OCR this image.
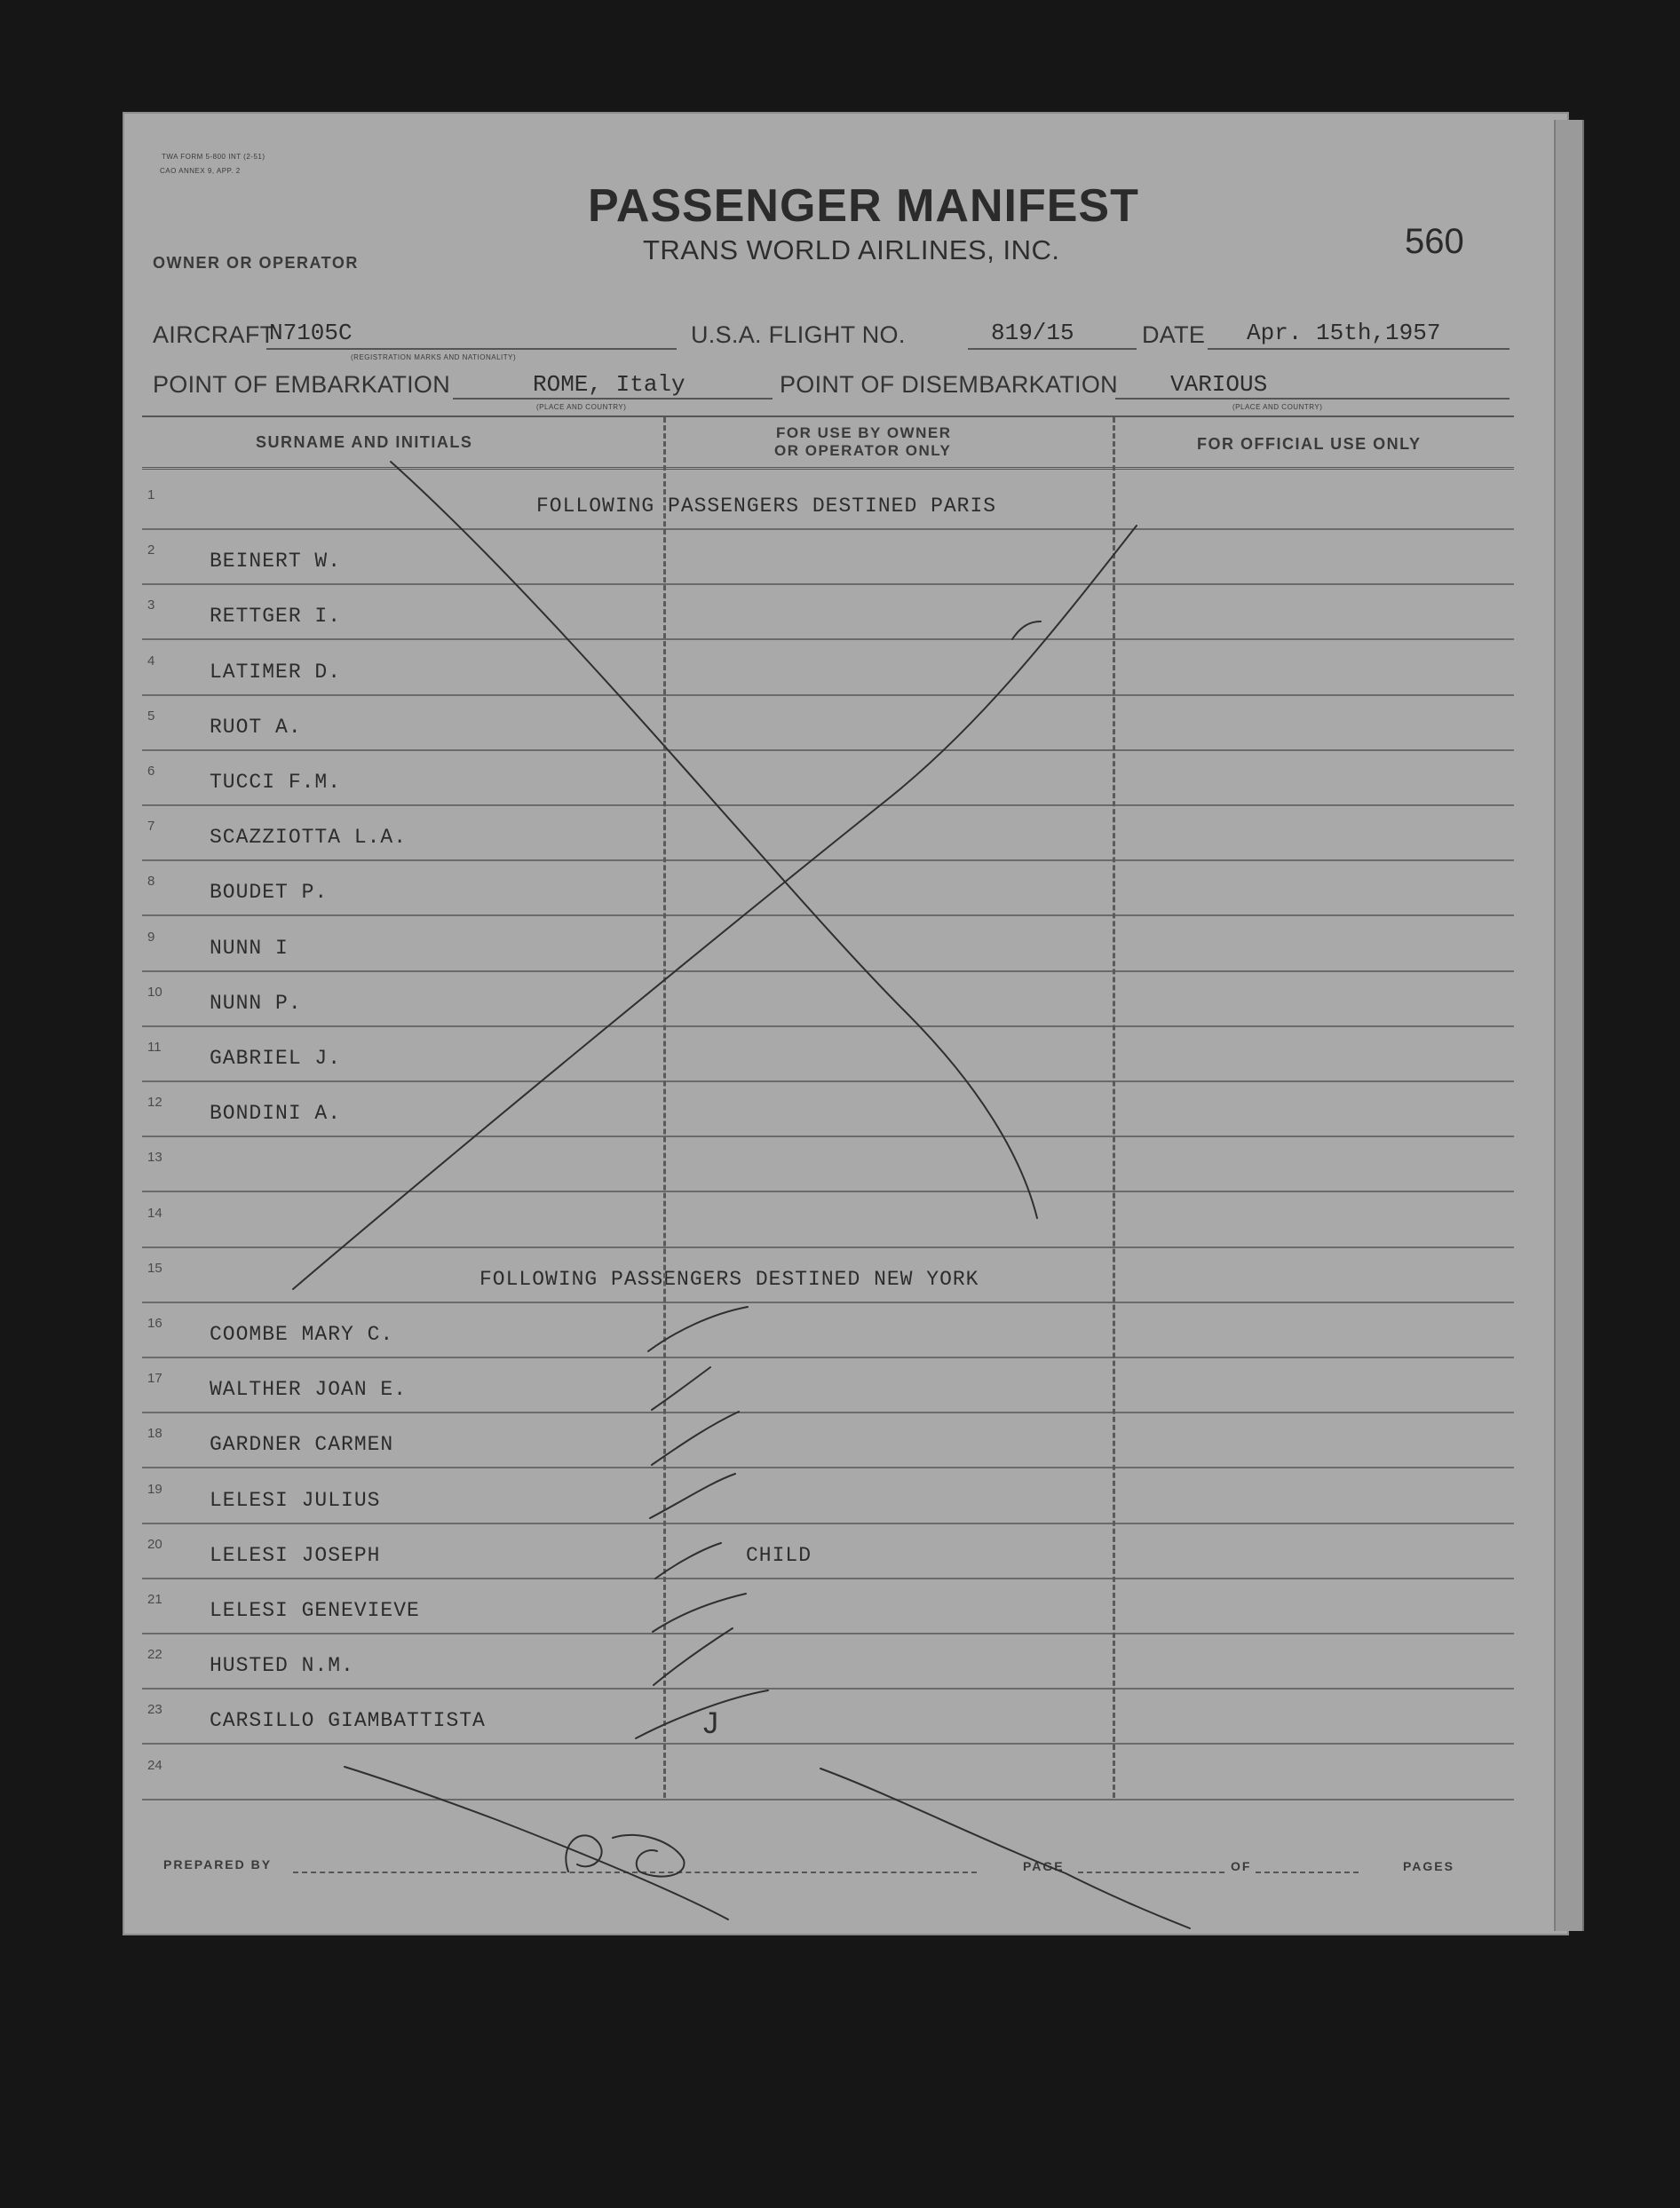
TWA FORM 5-800 INT (2-51)
CAO ANNEX 9, APP. 2
PASSENGER MANIFEST
TRANS WORLD AIRLINES, INC.
OWNER OR OPERATOR
560
AIRCRAFT
N7105C
(REGISTRATION MARKS AND NATIONALITY)
U.S.A. FLIGHT NO.	819/15	DATE Apr. 15th,1957
POINT OF EMBARKATION	ROME, Italy
(PLACE AND COUNTRY)
POINT OF DISEMBARKATION VARIOUS
(PLACE AND COUNTRY)
SURNAME AND INITIALS
FOR USE BY OWNER
OR OPERATOR ONLY	FOR OFFICIAL USE ONLY
1	FOLLOWING PASSENGERS DESTINED PARIS
2	BEINERT W.
3	RETTGER I.
4	LATIMER D.
5	RUOT A.
6	TUCCI F.M.
7	SCAZZIOTTA L.A.
8	BOUDET P.
9	NUNN I
10 NUNN P.
11 GABRIEL J.
12 BONDINI A.
13
14
15	FOLLOWING PASSENGERS DESTINED NEW YORK
16 COOMBE MARY C.
17 WALTHER JOAN E.
18 GARDNER CARMEN
19 LELESI JULIUS
20 LELESI JOSEPH	CHILD
21 LELESI GENEVIEVE
22 HUSTED N.M.
23 CARSILLO GIAMBATTISTA
24
PREPARED BY	PAGE	OF	PAGES
J
